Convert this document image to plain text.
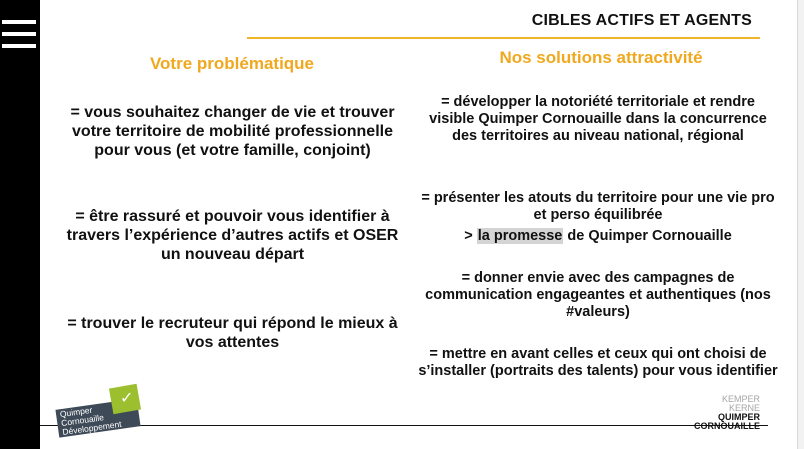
CIBLES ACTIFS ET AGENTS
Votre problématique	Nos solutions attractivité

= vous souhaitez changer de vie et trouver votre territoire de mobilité professionnelle pour vous (et votre famille, conjoint)

= être rassuré et pouvoir vous identifier à travers l’expérience d’autres actifs et OSER un nouveau départ

= trouver le recruteur qui répond le mieux à vos attentes

= développer la notoriété territoriale et rendre visible Quimper Cornouaille dans la concurrence des territoires au niveau national, régional

= présenter les atouts du territoire pour une vie pro et perso équilibrée
> la promesse de Quimper Cornouaille

= donner envie avec des campagnes de communication engageantes et authentiques (nos #valeurs)

= mettre en avant celles et ceux qui ont choisi de s’installer (portraits des talents) pour vous identifier

✓
Quimper
Cornouaille
Développement
KEMPER
KERNE
QUIMPER
CORNOUAILLE
